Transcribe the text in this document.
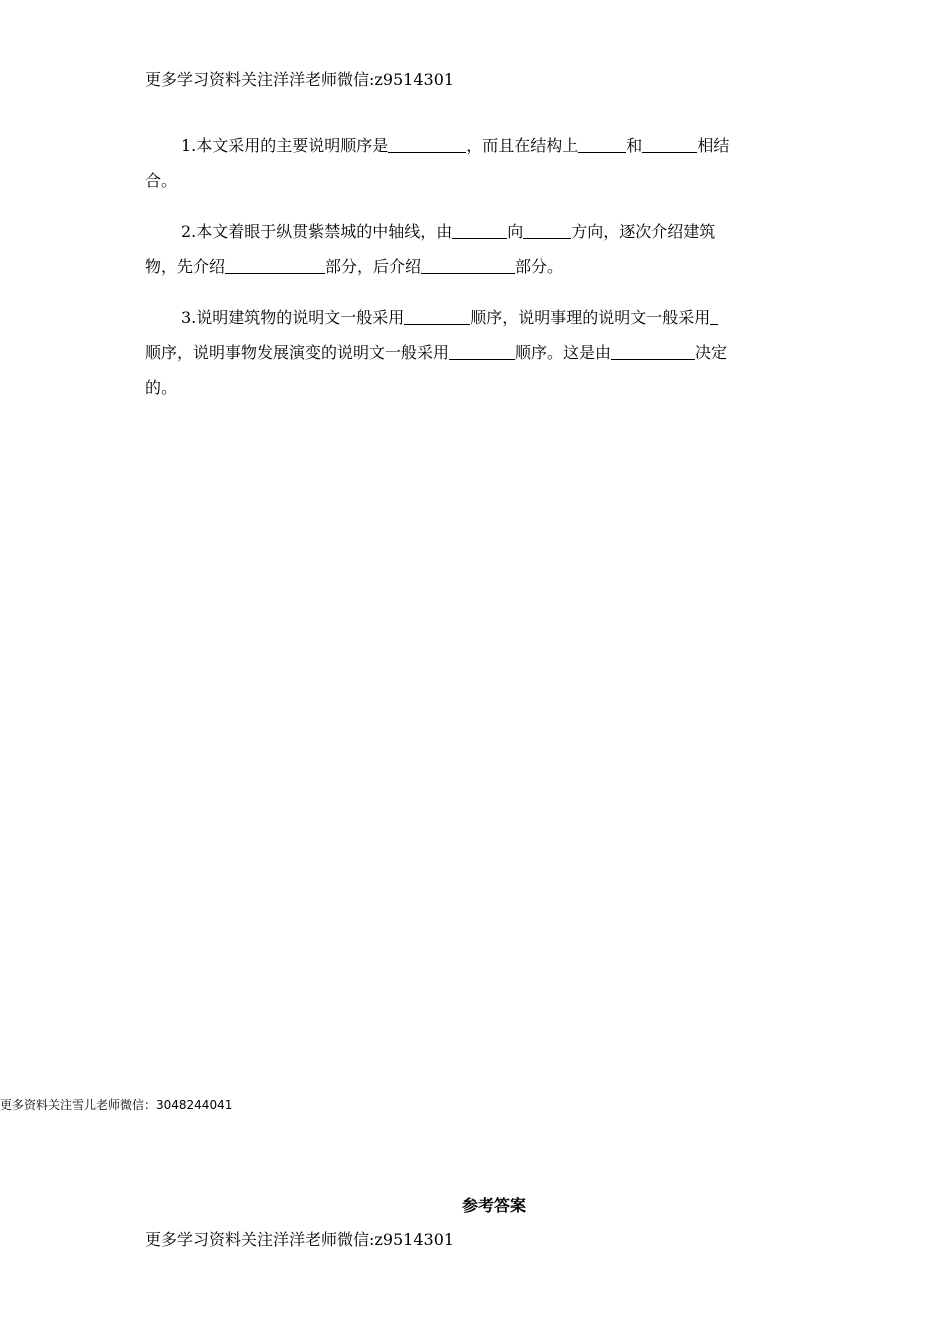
更多学习资料关注洋洋老师微信:z9514301
1.本文采用的主要说明顺序是	，而且在结构上	和	相结
合。
2.本文着眼于纵贯紫禁城的中轴线，由	向	方向，逐次介绍建筑
物，先介绍	部分，后介绍	部分。
3.说明建筑物的说明文一般采用	顺序，说明事理的说明文一般采用
顺序，说明事物发展演变的说明文一般采用	顺序。这是由	决定
的。
更多资料关注雪儿老师微信：3048244041
参考答案
更多学习资料关注洋洋老师微信:z9514301
